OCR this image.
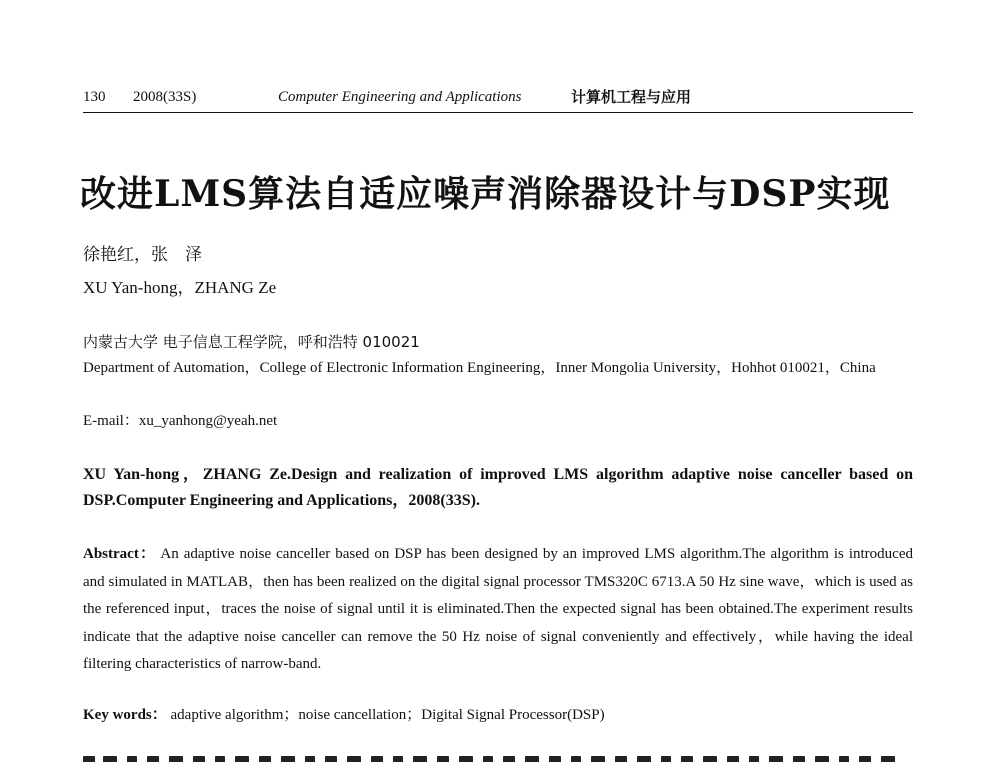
130 2008(33S)	Computer Engineering and Applications	计算机工程与应用
改进LMS算法自适应噪声消除器设计与DSP实现
徐艳红，张　泽
XU Yan-hong，ZHANG Ze
内蒙古大学 电子信息工程学院，呼和浩特 010021
Department of Automation，College of Electronic Information Engineering，Inner Mongolia University，Hohhot 010021，China
E-mail：xu_yanhong@yeah.net
XU Yan-hong，ZHANG Ze.Design and realization of improved LMS algorithm adaptive noise canceller based on DSP.Computer Engineering and Applications，2008(33S).
Abstract： An adaptive noise canceller based on DSP has been designed by an improved LMS algorithm.The algorithm is introduced and simulated in MATLAB，then has been realized on the digital signal processor TMS320C 6713.A 50 Hz sine wave，which is used as the referenced input，traces the noise of signal until it is eliminated.Then the expected signal has been obtained.The experiment results indicate that the adaptive noise canceller can remove the 50 Hz noise of signal conveniently and effectively，while having the ideal filtering characteristics of narrow-band.
Key words： adaptive algorithm；noise cancellation；Digital Signal Processor(DSP)
